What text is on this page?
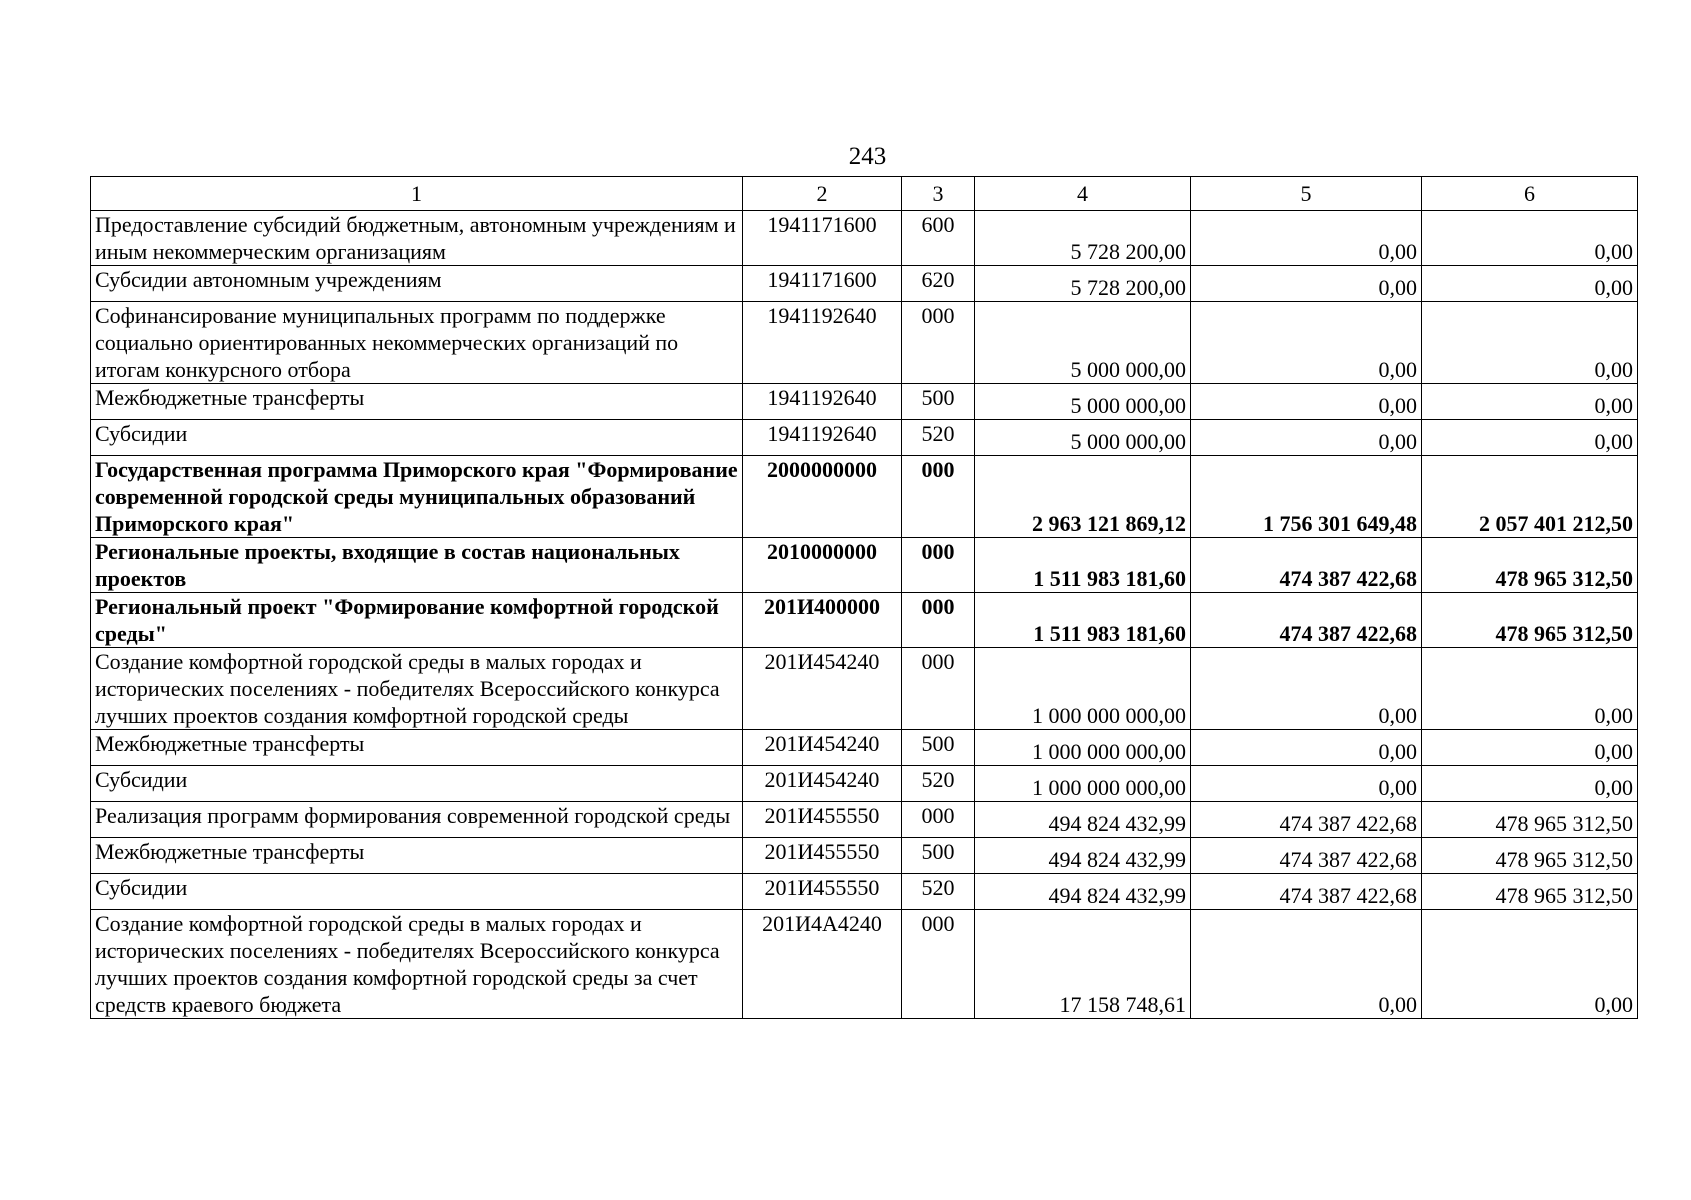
243
1	2	3	4	5	6
Предоставление субсидий бюджетным, автономным учреждениям и иным некоммерческим организациям	1941171600	600	5 728 200,00	0,00	0,00
Субсидии автономным учреждениям	1941171600	620	5 728 200,00	0,00	0,00
Софинансирование муниципальных программ по поддержке социально ориентированных некоммерческих организаций по итогам конкурсного отбора	1941192640	000	5 000 000,00	0,00	0,00
Межбюджетные трансферты	1941192640	500	5 000 000,00	0,00	0,00
Субсидии	1941192640	520	5 000 000,00	0,00	0,00
Государственная программа Приморского края "Формирование современной городской среды муниципальных образований Приморского края"	2000000000	000	2 963 121 869,12	1 756 301 649,48	2 057 401 212,50
Региональные проекты, входящие в состав национальных проектов	2010000000	000	1 511 983 181,60	474 387 422,68	478 965 312,50
Региональный проект "Формирование комфортной городской среды"	201И400000	000	1 511 983 181,60	474 387 422,68	478 965 312,50
Создание комфортной городской среды в малых городах и исторических поселениях - победителях Всероссийского конкурса лучших проектов создания комфортной городской среды	201И454240	000	1 000 000 000,00	0,00	0,00
Межбюджетные трансферты	201И454240	500	1 000 000 000,00	0,00	0,00
Субсидии	201И454240	520	1 000 000 000,00	0,00	0,00
Реализация программ формирования современной городской среды	201И455550	000	494 824 432,99	474 387 422,68	478 965 312,50
Межбюджетные трансферты	201И455550	500	494 824 432,99	474 387 422,68	478 965 312,50
Субсидии	201И455550	520	494 824 432,99	474 387 422,68	478 965 312,50
Создание комфортной городской среды в малых городах и исторических поселениях - победителях Всероссийского конкурса лучших проектов создания комфортной городской среды за счет средств краевого бюджета	201И4А4240	000	17 158 748,61	0,00	0,00
